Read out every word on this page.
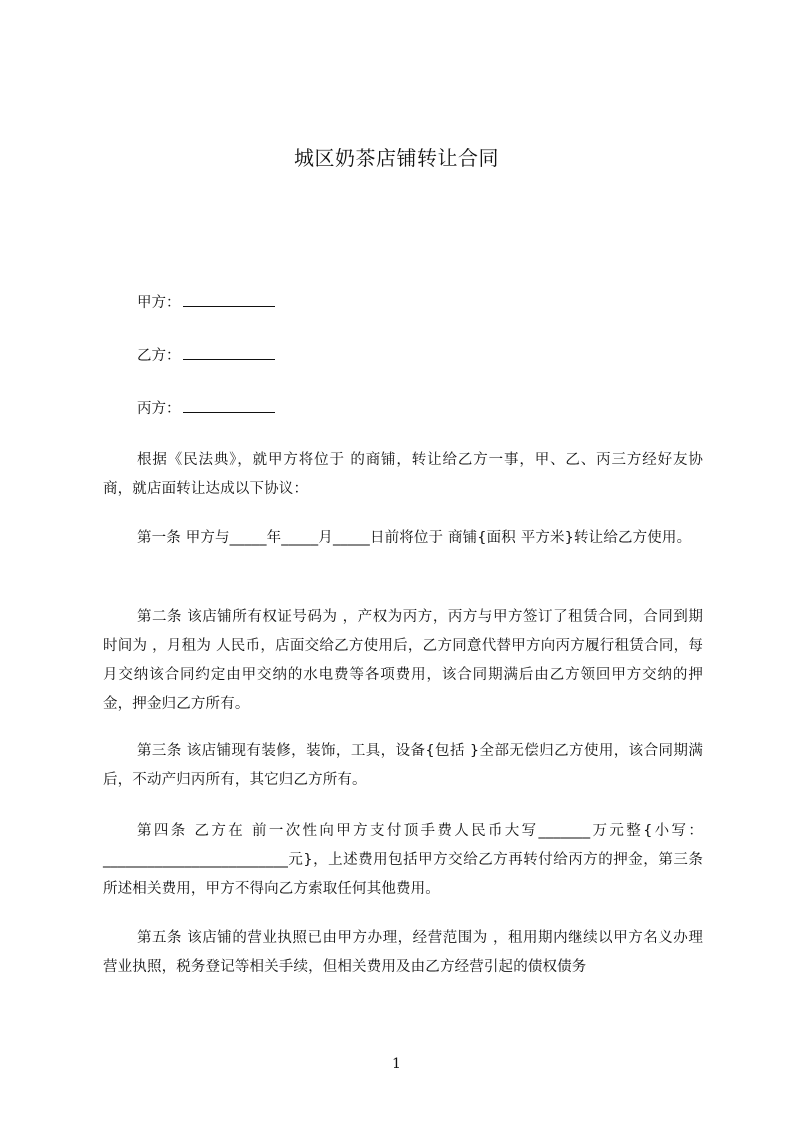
城区奶茶店铺转让合同
甲方：
乙方：
丙方：
根据《民法典》，就甲方将位于 的商铺，转让给乙方一事，甲、乙、丙三方经好友协商，就店面转让达成以下协议：
第一条 甲方与_____年_____月_____日前将位于 商铺{面积 平方米}转让给乙方使用。
第二条 该店铺所有权证号码为 ，产权为丙方，丙方与甲方签订了租赁合同，合同到期时间为 ，月租为 人民币，店面交给乙方使用后，乙方同意代替甲方向丙方履行租赁合同，每月交纳该合同约定由甲交纳的水电费等各项费用，该合同期满后由乙方领回甲方交纳的押金，押金归乙方所有。
第三条 该店铺现有装修，装饰，工具，设备{包括 }全部无偿归乙方使用，该合同期满后，不动产归丙所有，其它归乙方所有。
第四条 乙方在 前一次性向甲方支付顶手费人民币大写_______万元整{小写：_________________________元}，上述费用包括甲方交给乙方再转付给丙方的押金，第三条所述相关费用，甲方不得向乙方索取任何其他费用。
第五条 该店铺的营业执照已由甲方办理，经营范围为 ，租用期内继续以甲方名义办理营业执照，税务登记等相关手续，但相关费用及由乙方经营引起的债权债务
1
